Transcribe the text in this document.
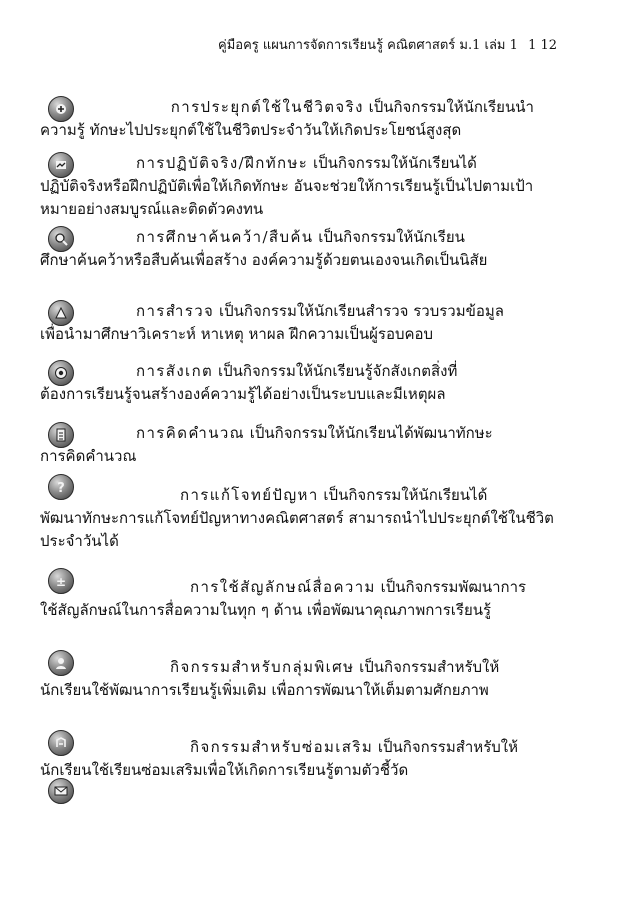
คู่มือครู แผนการจัดการเรียนรู้ คณิตศาสตร์ ม.1 เล่ม 1 1 12
?
±

การประยุกต์ใช้ในชีวิตจริง เป็นกิจกรรมให้นักเรียนนำ

ความรู้ ทักษะไปประยุกต์ใช้ในชีวิตประจำวันให้เกิดประโยชน์สูงสุด

การปฏิบัติจริง/ฝึกทักษะ เป็นกิจกรรมให้นักเรียนได้

ปฏิบัติจริงหรือฝึกปฏิบัติเพื่อให้เกิดทักษะ อันจะช่วยให้การเรียนรู้เป็นไปตามเป้าหมายอย่างสมบูรณ์และติดตัวคงทน

การศึกษาค้นคว้า/สืบค้น เป็นกิจกรรมให้นักเรียน

ศึกษาค้นคว้าหรือสืบค้นเพื่อสร้าง องค์ความรู้ด้วยตนเองจนเกิดเป็นนิสัย

การสำรวจ เป็นกิจกรรมให้นักเรียนสำรวจ รวบรวมข้อมูล

เพื่อนำมาศึกษาวิเคราะห์ หาเหตุ หาผล ฝึกความเป็นผู้รอบคอบ

การสังเกต เป็นกิจกรรมให้นักเรียนรู้จักสังเกตสิ่งที่

ต้องการเรียนรู้จนสร้างองค์ความรู้ได้อย่างเป็นระบบและมีเหตุผล

การคิดคำนวณ เป็นกิจกรรมให้นักเรียนได้พัฒนาทักษะ

การคิดคำนวณ

การแก้โจทย์ปัญหา เป็นกิจกรรมให้นักเรียนได้

พัฒนาทักษะการแก้โจทย์ปัญหาทางคณิตศาสตร์ สามารถนำไปประยุกต์ใช้ในชีวิตประจำวันได้

การใช้สัญลักษณ์สื่อความ เป็นกิจกรรมพัฒนาการ

ใช้สัญลักษณ์ในการสื่อความในทุก ๆ ด้าน เพื่อพัฒนาคุณภาพการเรียนรู้

กิจกรรมสำหรับกลุ่มพิเศษ เป็นกิจกรรมสำหรับให้

นักเรียนใช้พัฒนาการเรียนรู้เพิ่มเติม เพื่อการพัฒนาให้เต็มตามศักยภาพ

กิจกรรมสำหรับซ่อมเสริม เป็นกิจกรรมสำหรับให้

นักเรียนใช้เรียนซ่อมเสริมเพื่อให้เกิดการเรียนรู้ตามตัวชี้วัด
